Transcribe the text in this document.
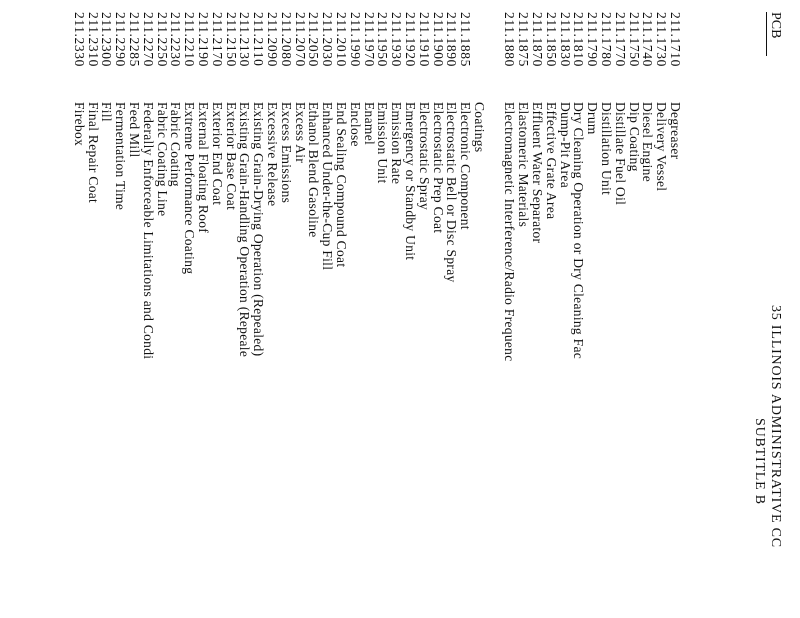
PCB
35 ILLINOIS ADMINISTRATIVE CC
SUBTITLE B
211.1710
Degreaser
211.1730
Delivery Vessel
211.1740
Diesel Engine
211.1750
Dip Coating
211.1770
Distillate Fuel Oil
211.1780
Distillation Unit
211.1790
Drum
211.1810
Dry Cleaning Operation or Dry Cleaning Fac
211.1830
Dump-Pit Area
211.1850
Effective Grate Area
211.1870
Effluent Water Separator
211.1875
Elastomeric Materials
211.1880
Electromagnetic Interference/Radio Frequenc
Coatings
211.1885
Electronic Component
211.1890
Electrostatic Bell or Disc Spray
211.1900
Electrostatic Prep Coat
211.1910
Electrostatic Spray
211.1920
Emergency or Standby Unit
211.1930
Emission Rate
211.1950
Emission Unit
211.1970
Enamel
211.1990
Enclose
211.2010
End Sealing Compound Coat
211.2030
Enhanced Under-the-Cup Fill
211.2050
Ethanol Blend Gasoline
211.2070
Excess Air
211.2080
Excess Emissions
211.2090
Excessive Release
211.2110
Existing Grain-Drying Operation (Repealed)
211.2130
Existing Grain-Handling Operation (Repeale
211.2150
Exterior Base Coat
211.2170
Exterior End Coat
211.2190
External Floating Roof
211.2210
Extreme Performance Coating
211.2230
Fabric Coating
211.2250
Fabric Coating Line
211.2270
Federally Enforceable Limitations and Condi
211.2285
Feed Mill
211.2290
Fermentation Time
211.2300
Fill
211.2310
Final Repair Coat
211.2330
Firebox
